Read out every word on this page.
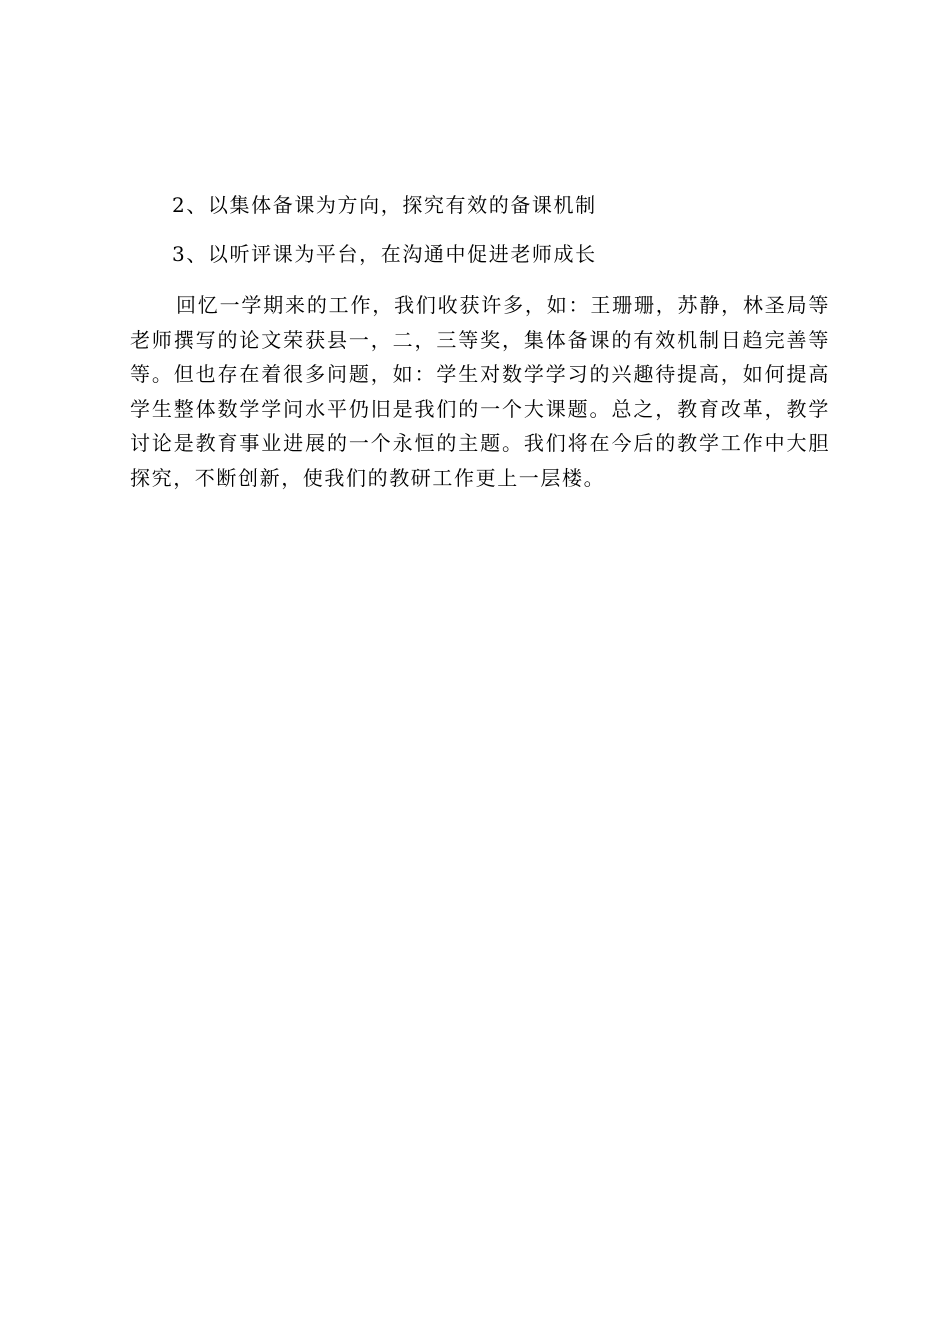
2、以集体备课为方向，探究有效的备课机制
3、以听评课为平台，在沟通中促进老师成长

回忆一学期来的工作，我们收获许多，如：王珊珊，苏静，林圣局等老师撰写的论文荣获县一，二，三等奖，集体备课的有效机制日趋完善等等。但也存在着很多问题，如：学生对数学学习的兴趣待提高，如何提高学生整体数学学问水平仍旧是我们的一个大课题。总之，教育改革，教学讨论是教育事业进展的一个永恒的主题。我们将在今后的教学工作中大胆探究，不断创新，使我们的教研工作更上一层楼。
